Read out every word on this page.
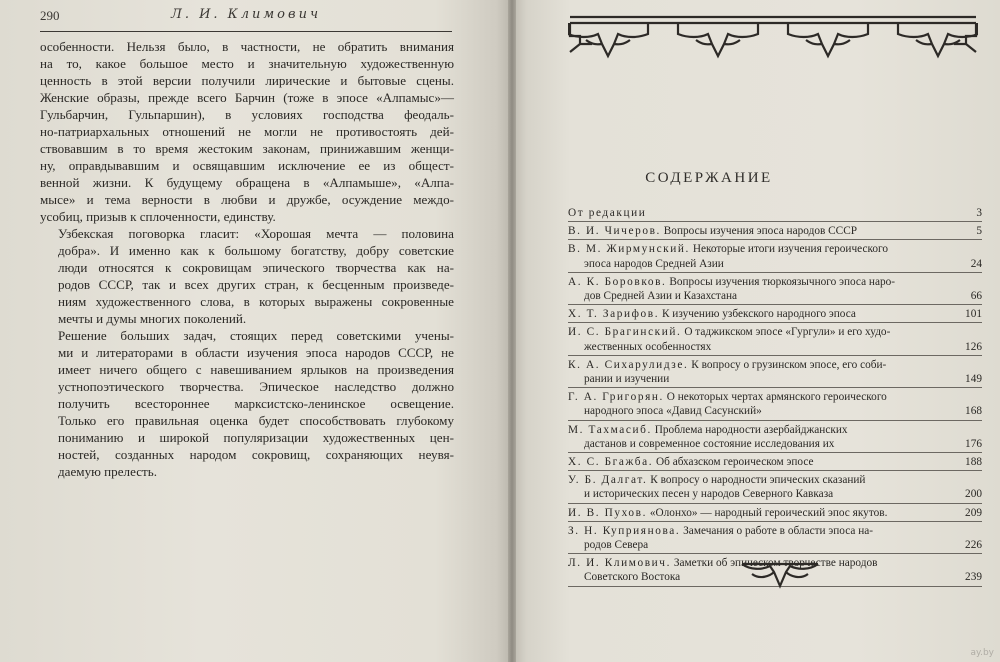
290	Л. И. Климович

особенности. Нельзя было, в частности, не обратить внимания
на то, какое большое место и значительную художественную
ценность в этой версии получили лирические и бытовые сцены.
Женские образы, прежде всего Барчин (тоже в эпосе «Алпамыс»—
Гульбарчин, Гульпаршин), в условиях господства феодаль-
но-патриархальных отношений не могли не противостоять дей-
ствовавшим в то время жестоким законам, принижавшим женщи-
ну, оправдывавшим и освящавшим исключение ее из общест-
венной жизни. К будущему обращена в «Алпамыше», «Алпа-
мысе» и тема верности в любви и дружбе, осуждение междо-
усобиц, призыв к сплоченности, единству.

Узбекская поговорка гласит: «Хорошая мечта — половина
добра». И именно как к большому богатству, добру советские
люди относятся к сокровищам эпического творчества как на-
родов СССР, так и всех других стран, к бесценным произведе-
ниям художественного слова, в которых выражены сокровенные
мечты и думы многих поколений.

Решение больших задач, стоящих перед советскими учены-
ми и литераторами в области изучения эпоса народов СССР, не
имеет ничего общего с навешиванием ярлыков на произведения
устнопоэтического творчества. Эпическое наследство должно
получить всестороннее марксистско-ленинское освещение.
Только его правильная оценка будет способствовать глубокому
пониманию и широкой популяризации художественных цен-
ностей, созданных народом сокровищ, сохраняющих неувя-
даемую прелесть.

СОДЕРЖАНИЕ
От редакции	3
В. И. Чичеров. Вопросы изучения эпоса народов СССР	5
В. М. Жирмунский. Некоторые итоги изучения героического
эпоса народов Средней Азии	24
А. К. Боровков. Вопросы изучения тюркоязычного эпоса наро-
дов Средней Азии и Казахстана	66
Х. Т. Зарифов. К изучению узбекского народного эпоса	101
И. С. Брагинский. О таджикском эпосе «Гургули» и его худо-
жественных особенностях	126
К. А. Сихарулидзе. К вопросу о грузинском эпосе, его соби-
рании и изучении	149
Г. А. Григорян. О некоторых чертах армянского героического
народного эпоса «Давид Сасунский»	168
М. Тахмасиб. Проблема народности азербайджанских
дастанов и современное состояние исследования их	176
Х. С. Бгажба. Об абхазском героическом эпосе	188
У. Б. Далгат. К вопросу о народности эпических сказаний
и исторических песен у народов Северного Кавказа	200
И. В. Пухов. «Олонхо» — народный героический эпос якутов.	209
З. Н. Куприянова. Замечания о работе в области эпоса на-
родов Севера	226
Л. И. Климович. Заметки об эпическом творчестве народов
Советского Востока	239
ay.by
